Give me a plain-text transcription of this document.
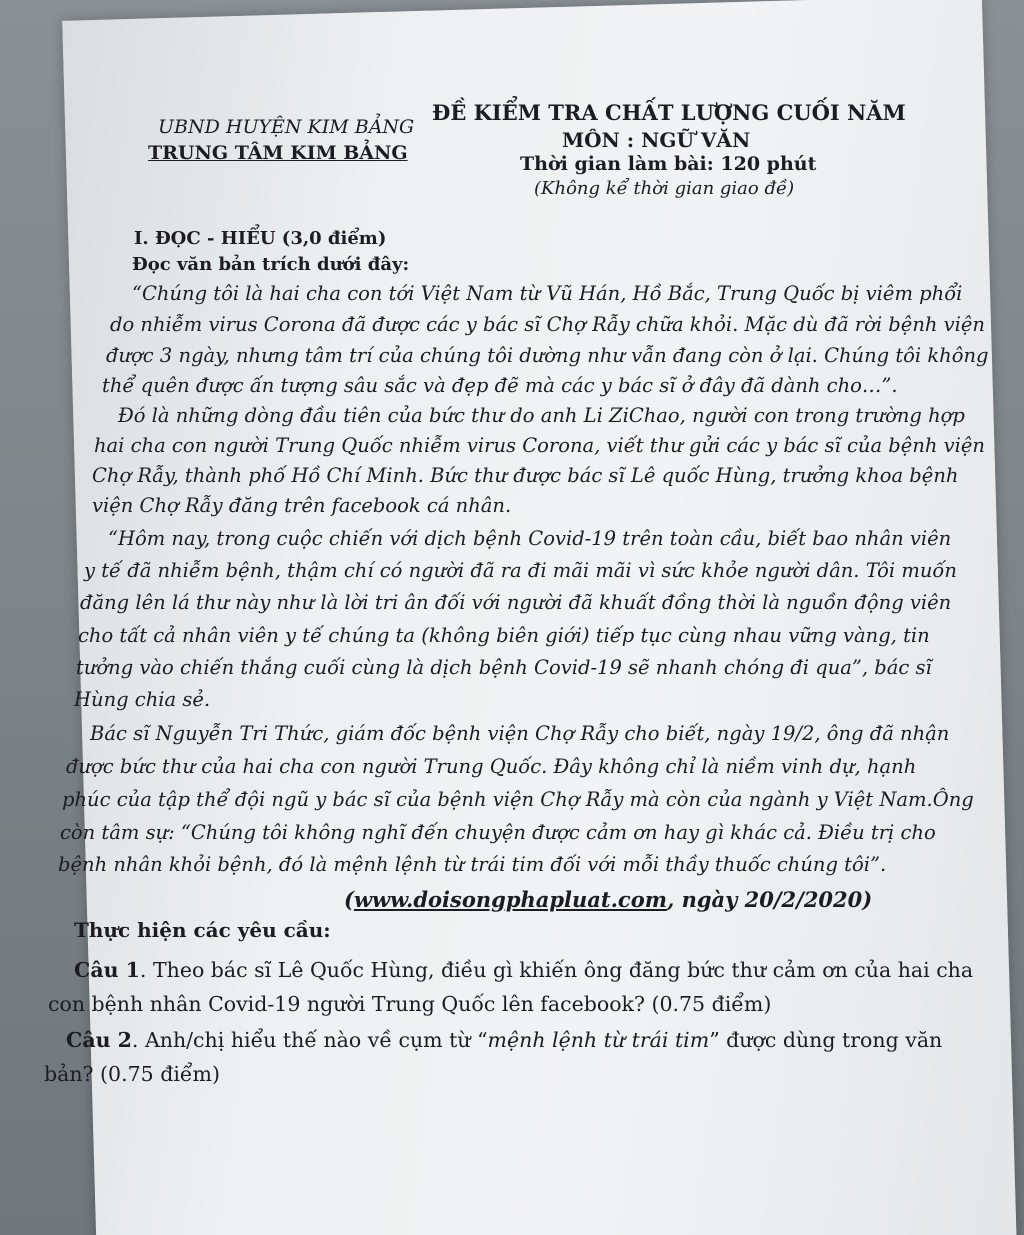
UBND HUYỆN KIM BẢNG
TRUNG TÂM KIM BẢNG
ĐỀ KIỂM TRA CHẤT LƯỢNG CUỐI NĂM
MÔN : NGỮ VĂN
Thời gian làm bài: 120 phút
(Không kể thời gian giao đề)
I. ĐỌC - HIỂU (3,0 điểm)
Đọc văn bản trích dưới đây:
“Chúng tôi là hai cha con tới Việt Nam từ Vũ Hán, Hồ Bắc, Trung Quốc bị viêm phổi
do nhiễm virus Corona đã được các y bác sĩ Chợ Rẫy chữa khỏi. Mặc dù đã rời bệnh viện
được 3 ngày, nhưng tâm trí của chúng tôi dường như vẫn đang còn ở lại. Chúng tôi không
thể quên được ấn tượng sâu sắc và đẹp đẽ mà các y bác sĩ ở đây đã dành cho…”.
Đó là những dòng đầu tiên của bức thư do anh Li ZiChao, người con trong trường hợp
hai cha con người Trung Quốc nhiễm virus Corona, viết thư gửi các y bác sĩ của bệnh viện
Chợ Rẫy, thành phố Hồ Chí Minh. Bức thư được bác sĩ Lê quốc Hùng, trưởng khoa bệnh
viện Chợ Rẫy đăng trên facebook cá nhân.
“Hôm nay, trong cuộc chiến với dịch bệnh Covid-19 trên toàn cầu, biết bao nhân viên
y tế đã nhiễm bệnh, thậm chí có người đã ra đi mãi mãi vì sức khỏe người dân. Tôi muốn
đăng lên lá thư này như là lời tri ân đối với người đã khuất đồng thời là nguồn động viên
cho tất cả nhân viên y tế chúng ta (không biên giới) tiếp tục cùng nhau vững vàng, tin
tưởng vào chiến thắng cuối cùng là dịch bệnh Covid-19 sẽ nhanh chóng đi qua”, bác sĩ
Hùng chia sẻ.
Bác sĩ Nguyễn Tri Thức, giám đốc bệnh viện Chợ Rẫy cho biết, ngày 19/2, ông đã nhận
được bức thư của hai cha con người Trung Quốc. Đây không chỉ là niềm vinh dự, hạnh
phúc của tập thể đội ngũ y bác sĩ của bệnh viện Chợ Rẫy mà còn của ngành y Việt Nam.Ông
còn tâm sự: “Chúng tôi không nghĩ đến chuyện được cảm ơn hay gì khác cả. Điều trị cho
bệnh nhân khỏi bệnh, đó là mệnh lệnh từ trái tim đối với mỗi thầy thuốc chúng tôi”.
(www.doisongphapluat.com, ngày 20/2/2020)
Thực hiện các yêu cầu:
Câu 1. Theo bác sĩ Lê Quốc Hùng, điều gì khiến ông đăng bức thư cảm ơn của hai cha
con bệnh nhân Covid-19 người Trung Quốc lên facebook? (0.75 điểm)
Câu 2. Anh/chị hiểu thế nào về cụm từ “mệnh lệnh từ trái tim” được dùng trong văn
bản? (0.75 điểm)
